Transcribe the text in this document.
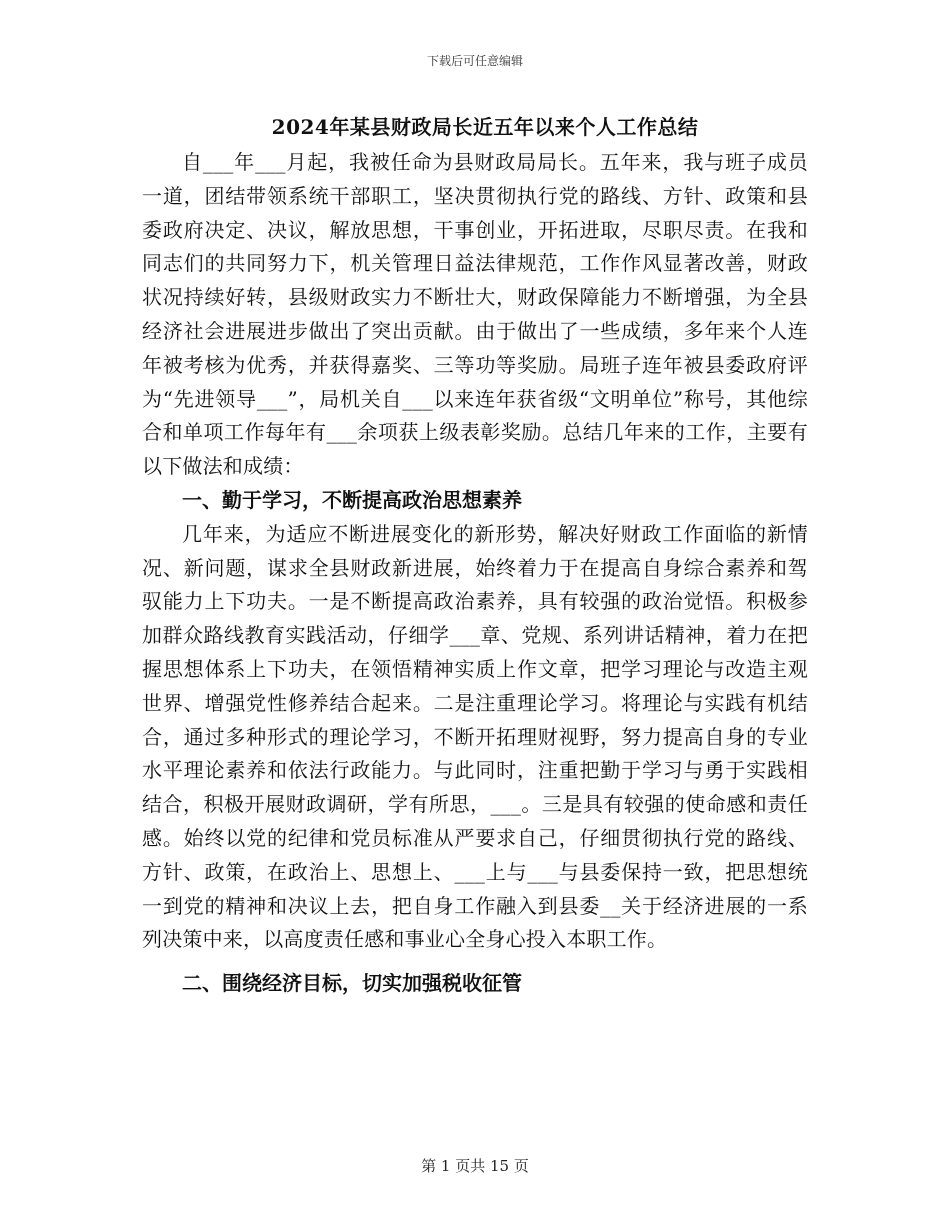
下载后可任意编辑
2024年某县财政局长近五年以来个人工作总结

自___年___月起，我被任命为县财政局局长。五年来，我与班子成员一道，团结带领系统干部职工，坚决贯彻执行党的路线、方针、政策和县委政府决定、决议，解放思想，干事创业，开拓进取，尽职尽责。在我和同志们的共同努力下，机关管理日益法律规范，工作作风显著改善，财政状况持续好转，县级财政实力不断壮大，财政保障能力不断增强，为全县经济社会进展进步做出了突出贡献。由于做出了一些成绩，多年来个人连年被考核为优秀，并获得嘉奖、三等功等奖励。局班子连年被县委政府评为“先进领导___”，局机关自___以来连年获省级“文明单位”称号，其他综合和单项工作每年有___余项获上级表彰奖励。总结几年来的工作，主要有以下做法和成绩：

一、勤于学习，不断提高政治思想素养

几年来，为适应不断进展变化的新形势，解决好财政工作面临的新情况、新问题，谋求全县财政新进展，始终着力于在提高自身综合素养和驾驭能力上下功夫。一是不断提高政治素养，具有较强的政治觉悟。积极参加群众路线教育实践活动，仔细学___章、党规、系列讲话精神，着力在把握思想体系上下功夫，在领悟精神实质上作文章，把学习理论与改造主观世界、增强党性修养结合起来。二是注重理论学习。将理论与实践有机结合，通过多种形式的理论学习，不断开拓理财视野，努力提高自身的专业水平理论素养和依法行政能力。与此同时，注重把勤于学习与勇于实践相结合，积极开展财政调研，学有所思，___。三是具有较强的使命感和责任感。始终以党的纪律和党员标准从严要求自己，仔细贯彻执行党的路线、方针、政策，在政治上、思想上、___上与___与县委保持一致，把思想统一到党的精神和决议上去，把自身工作融入到县委__关于经济进展的一系列决策中来，以高度责任感和事业心全身心投入本职工作。

二、围绕经济目标，切实加强税收征管

第 1 页共 15 页
